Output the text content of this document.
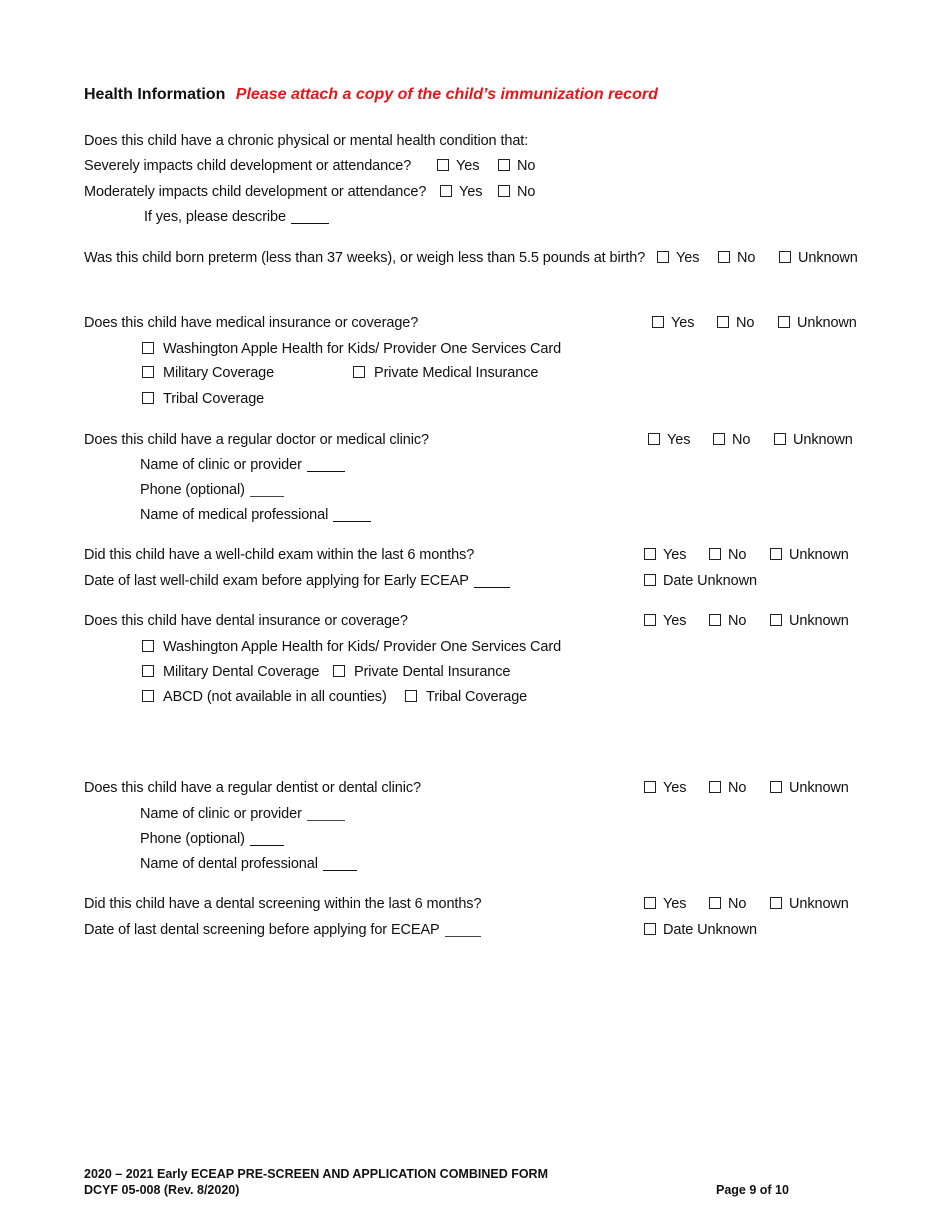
Health Information Please attach a copy of the child’s immunization record
Does this child have a chronic physical or mental health condition that:
Severely impacts child development or attendance?	Yes	No
Moderately impacts child development or attendance?	Yes	No
If yes, please describe
Was this child born preterm (less than 37 weeks), or weigh less than 5.5 pounds at birth?	Yes	No	Unknown
Does this child have medical insurance or coverage?	Yes	No	Unknown
Washington Apple Health for Kids/ Provider One Services Card
Military Coverage	Private Medical Insurance
Tribal Coverage
Does this child have a regular doctor or medical clinic?	Yes	No	Unknown
Name of clinic or provider
Phone (optional)
Name of medical professional
Did this child have a well-child exam within the last 6 months?	Yes	No	Unknown
Date of last well-child exam before applying for Early ECEAP	Date Unknown
Does this child have dental insurance or coverage?	Yes	No	Unknown
Washington Apple Health for Kids/ Provider One Services Card
Military Dental Coverage	Private Dental Insurance
ABCD (not available in all counties)	Tribal Coverage
Does this child have a regular dentist or dental clinic?	Yes	No	Unknown
Name of clinic or provider
Phone (optional)
Name of dental professional
Did this child have a dental screening within the last 6 months?	Yes	No	Unknown
Date of last dental screening before applying for ECEAP	Date Unknown
2020 – 2021 Early ECEAP PRE-SCREEN AND APPLICATION COMBINED FORM
DCYF 05-008 (Rev. 8/2020)	Page 9 of 10
